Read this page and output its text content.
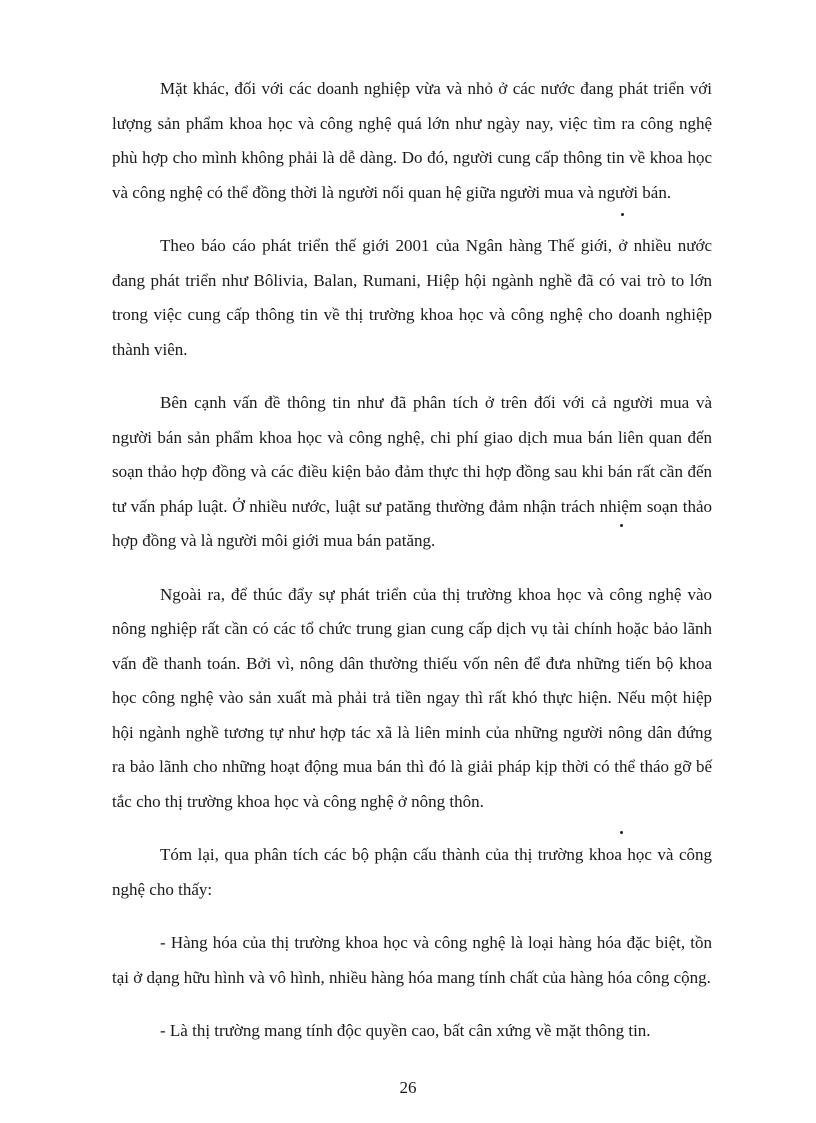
Mặt khác, đối với các doanh nghiệp vừa và nhỏ ở các nước đang phát triển với lượng sản phẩm khoa học và công nghệ quá lớn như ngày nay, việc tìm ra công nghệ phù hợp cho mình không phải là dễ dàng. Do đó, người cung cấp thông tin về khoa học và công nghệ có thể đồng thời là người nối quan hệ giữa người mua và người bán.

Theo báo cáo phát triển thế giới 2001 của Ngân hàng Thế giới, ở nhiều nước đang phát triển như Bôlivia, Balan, Rumani, Hiệp hội ngành nghề đã có vai trò to lớn trong việc cung cấp thông tin về thị trường khoa học và công nghệ cho doanh nghiệp thành viên.

Bên cạnh vấn đề thông tin như đã phân tích ở trên đối với cả người mua và người bán sản phẩm khoa học và công nghệ, chi phí giao dịch mua bán liên quan đến soạn thảo hợp đồng và các điều kiện bảo đảm thực thi hợp đồng sau khi bán rất cần đến tư vấn pháp luật. Ở nhiều nước, luật sư patăng thường đảm nhận trách nhiệm soạn thảo hợp đồng và là người môi giới mua bán patăng.

Ngoài ra, để thúc đẩy sự phát triển của thị trường khoa học và công nghệ vào nông nghiệp rất cần có các tổ chức trung gian cung cấp dịch vụ tài chính hoặc bảo lãnh vấn đề thanh toán. Bởi vì, nông dân thường thiếu vốn nên để đưa những tiến bộ khoa học công nghệ vào sản xuất mà phải trả tiền ngay thì rất khó thực hiện. Nếu một hiệp hội ngành nghề tương tự như hợp tác xã là liên minh của những người nông dân đứng ra bảo lãnh cho những hoạt động mua bán thì đó là giải pháp kịp thời có thể tháo gỡ bế tắc cho thị trường khoa học và công nghệ ở nông thôn.

Tóm lại, qua phân tích các bộ phận cấu thành của thị trường khoa học và công nghệ cho thấy:

- Hàng hóa của thị trường khoa học và công nghệ là loại hàng hóa đặc biệt, tồn tại ở dạng hữu hình và vô hình, nhiều hàng hóa mang tính chất của hàng hóa công cộng.

- Là thị trường mang tính độc quyền cao, bất cân xứng về mặt thông tin.

26
